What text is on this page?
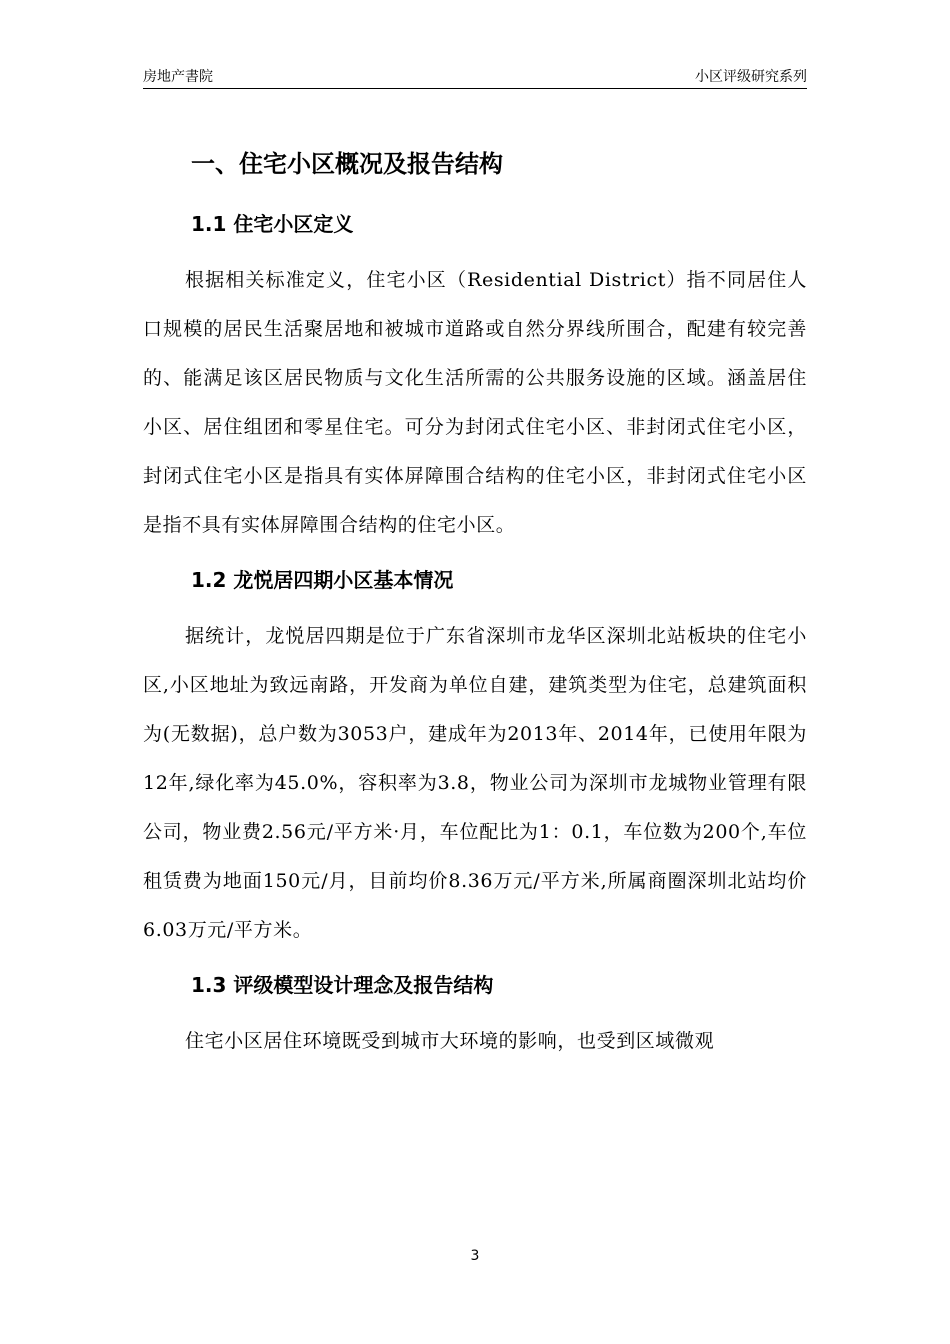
房地产書院	小区评级研究系列
一、住宅小区概况及报告结构
1.1 住宅小区定义

根据相关标准定义，住宅小区（Residential District）指不同居住人口规模的居民生活聚居地和被城市道路或自然分界线所围合，配建有较完善的、能满足该区居民物质与文化生活所需的公共服务设施的区域。涵盖居住小区、居住组团和零星住宅。可分为封闭式住宅小区、非封闭式住宅小区，封闭式住宅小区是指具有实体屏障围合结构的住宅小区，非封闭式住宅小区是指不具有实体屏障围合结构的住宅小区。

1.2 龙悦居四期小区基本情况

据统计，龙悦居四期是位于广东省深圳市龙华区深圳北站板块的住宅小区,小区地址为致远南路，开发商为单位自建，建筑类型为住宅，总建筑面积为(无数据)，总户数为3053户，建成年为2013年、2014年，已使用年限为12年,绿化率为45.0%，容积率为3.8，物业公司为深圳市龙城物业管理有限公司，物业费2.56元/平方米·月，车位配比为1：0.1，车位数为200个,车位租赁费为地面150元/月，目前均价8.36万元/平方米,所属商圈深圳北站均价6.03万元/平方米。

1.3 评级模型设计理念及报告结构

住宅小区居住环境既受到城市大环境的影响，也受到区域微观

3
